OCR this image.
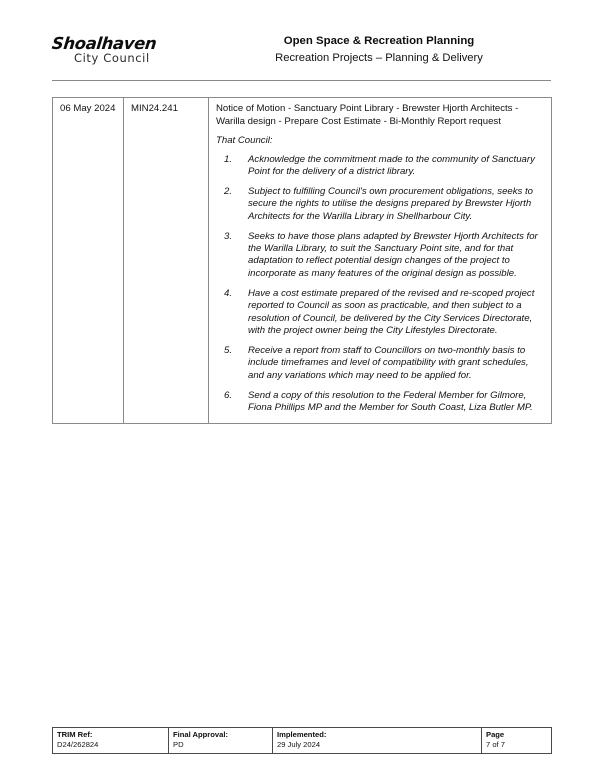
Shoalhaven
City Council
Open Space & Recreation Planning
Recreation Projects – Planning & Delivery
06 May 2024	MIN24.241	Notice of Motion - Sanctuary Point Library - Brewster Hjorth Architects - Warilla design - Prepare Cost Estimate - Bi-Monthly Report request

That Council:

1. Acknowledge the commitment made to the community of Sanctuary Point for the delivery of a district library.
2. Subject to fulfilling Council's own procurement obligations, seeks to secure the rights to utilise the designs prepared by Brewster Hjorth Architects for the Warilla Library in Shellharbour City.
3. Seeks to have those plans adapted by Brewster Hjorth Architects for the Warilla Library, to suit the Sanctuary Point site, and for that adaptation to reflect potential design changes of the project to incorporate as many features of the original design as possible.
4. Have a cost estimate prepared of the revised and re-scoped project reported to Council as soon as practicable, and then subject to a resolution of Council, be delivered by the City Services Directorate, with the project owner being the City Lifestyles Directorate.
5. Receive a report from staff to Councillors on two-monthly basis to include timeframes and level of compatibility with grant schedules, and any variations which may need to be applied for.
6. Send a copy of this resolution to the Federal Member for Gilmore, Fiona Phillips MP and the Member for South Coast, Liza Butler MP.
TRIM Ref:
D24/262824

Final Approval:
PD

Implemented:
29 July 2024

Page
7 of 7
